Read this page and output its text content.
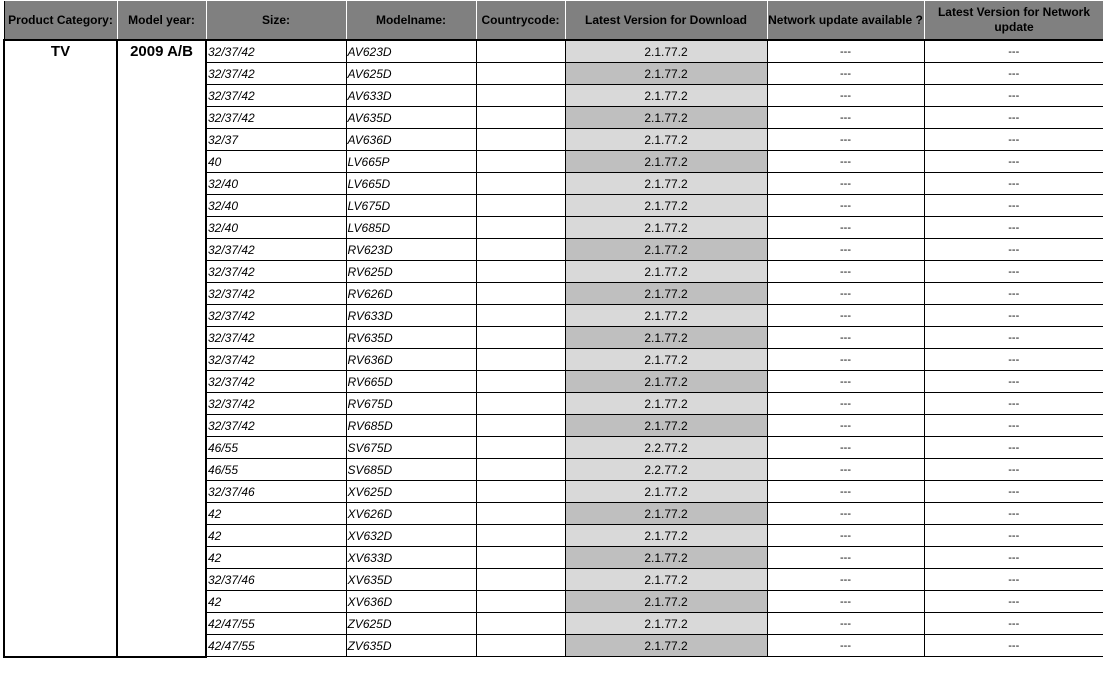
Product Category:	Model year:	Size:	Modelname:	Countrycode:	Latest Version for Download	Network update available ?	Latest Version for Network update
TV	2009 A/B	32/37/42	AV623D		2.1.77.2	---	---
		32/37/42	AV625D		2.1.77.2	---	---
		32/37/42	AV633D		2.1.77.2	---	---
		32/37/42	AV635D		2.1.77.2	---	---
		32/37	AV636D		2.1.77.2	---	---
		40	LV665P		2.1.77.2	---	---
		32/40	LV665D		2.1.77.2	---	---
		32/40	LV675D		2.1.77.2	---	---
		32/40	LV685D		2.1.77.2	---	---
		32/37/42	RV623D		2.1.77.2	---	---
		32/37/42	RV625D		2.1.77.2	---	---
		32/37/42	RV626D		2.1.77.2	---	---
		32/37/42	RV633D		2.1.77.2	---	---
		32/37/42	RV635D		2.1.77.2	---	---
		32/37/42	RV636D		2.1.77.2	---	---
		32/37/42	RV665D		2.1.77.2	---	---
		32/37/42	RV675D		2.1.77.2	---	---
		32/37/42	RV685D		2.1.77.2	---	---
		46/55	SV675D		2.2.77.2	---	---
		46/55	SV685D		2.2.77.2	---	---
		32/37/46	XV625D		2.1.77.2	---	---
		42	XV626D		2.1.77.2	---	---
		42	XV632D		2.1.77.2	---	---
		42	XV633D		2.1.77.2	---	---
		32/37/46	XV635D		2.1.77.2	---	---
		42	XV636D		2.1.77.2	---	---
		42/47/55	ZV625D		2.1.77.2	---	---
		42/47/55	ZV635D		2.1.77.2	---	---
